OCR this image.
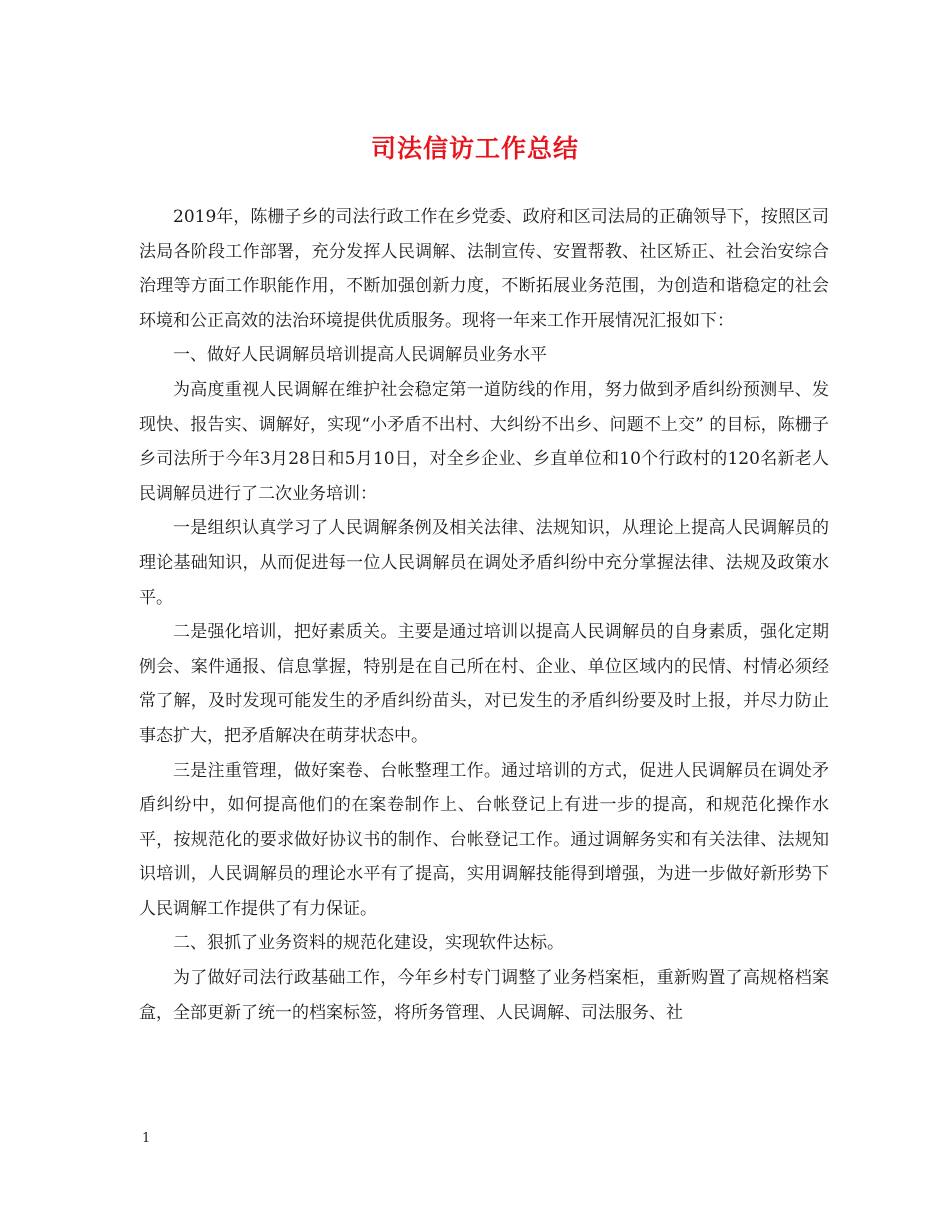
司法信访工作总结

2019年，陈栅子乡的司法行政工作在乡党委、政府和区司法局的正确领导下，按照区司法局各阶段工作部署，充分发挥人民调解、法制宣传、安置帮教、社区矫正、社会治安综合治理等方面工作职能作用，不断加强创新力度，不断拓展业务范围，为创造和谐稳定的社会环境和公正高效的法治环境提供优质服务。现将一年来工作开展情况汇报如下：

一、做好人民调解员培训提高人民调解员业务水平

为高度重视人民调解在维护社会稳定第一道防线的作用，努力做到矛盾纠纷预测早、发现快、报告实、调解好，实现“小矛盾不出村、大纠纷不出乡、问题不上交” 的目标，陈栅子乡司法所于今年3月28日和5月10日，对全乡企业、乡直单位和10个行政村的120名新老人民调解员进行了二次业务培训：

一是组织认真学习了人民调解条例及相关法律、法规知识，从理论上提高人民调解员的理论基础知识，从而促进每一位人民调解员在调处矛盾纠纷中充分掌握法律、法规及政策水平。

二是强化培训，把好素质关。主要是通过培训以提高人民调解员的自身素质，强化定期例会、案件通报、信息掌握，特别是在自己所在村、企业、单位区域内的民情、村情必须经常了解，及时发现可能发生的矛盾纠纷苗头，对已发生的矛盾纠纷要及时上报，并尽力防止事态扩大，把矛盾解决在萌芽状态中。

三是注重管理，做好案卷、台帐整理工作。通过培训的方式，促进人民调解员在调处矛盾纠纷中，如何提高他们的在案卷制作上、台帐登记上有进一步的提高，和规范化操作水平，按规范化的要求做好协议书的制作、台帐登记工作。通过调解务实和有关法律、法规知识培训，人民调解员的理论水平有了提高，实用调解技能得到增强，为进一步做好新形势下人民调解工作提供了有力保证。

二、狠抓了业务资料的规范化建设，实现软件达标。

为了做好司法行政基础工作，今年乡村专门调整了业务档案柜，重新购置了高规格档案盒，全部更新了统一的档案标签，将所务管理、人民调解、司法服务、社

1
